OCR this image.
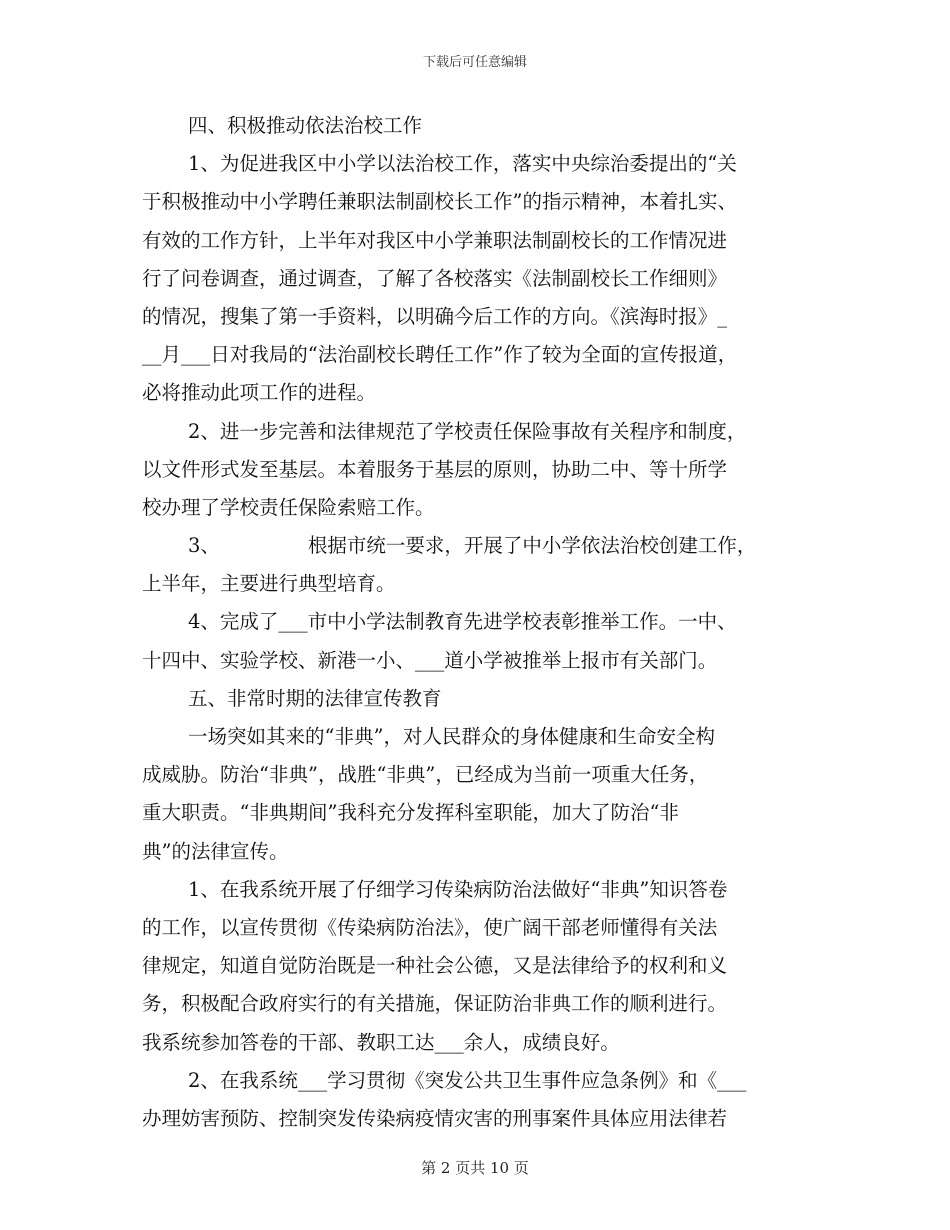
下载后可任意编辑
四、积极推动依法治校工作
1、为促进我区中小学以法治校工作，落实中央综治委提出的“关
于积极推动中小学聘任兼职法制副校长工作”的指示精神，本着扎实、
有效的工作方针，上半年对我区中小学兼职法制副校长的工作情况进
行了问卷调查，通过调查，了解了各校落实《法制副校长工作细则》
的情况，搜集了第一手资料，以明确今后工作的方向。《滨海时报》_
__月___日对我局的“法治副校长聘任工作”作了较为全面的宣传报道，
必将推动此项工作的进程。
2、进一步完善和法律规范了学校责任保险事故有关程序和制度，
以文件形式发至基层。本着服务于基层的原则，协助二中、等十所学
校办理了学校责任保险索赔工作。
3、	根据市统一要求，开展了中小学依法治校创建工作，
上半年，主要进行典型培育。
4、完成了___市中小学法制教育先进学校表彰推举工作。一中、
十四中、实验学校、新港一小、___道小学被推举上报市有关部门。
五、非常时期的法律宣传教育
一场突如其来的“非典”，对人民群众的身体健康和生命安全构
成威胁。防治“非典”，战胜“非典”，已经成为当前一项重大任务，
重大职责。“非典期间”我科充分发挥科室职能，加大了防治“非
典”的法律宣传。
1、在我系统开展了仔细学习传染病防治法做好“非典”知识答卷
的工作，以宣传贯彻《传染病防治法》，使广阔干部老师懂得有关法
律规定，知道自觉防治既是一种社会公德，又是法律给予的权利和义
务，积极配合政府实行的有关措施，保证防治非典工作的顺利进行。
我系统参加答卷的干部、教职工达___余人，成绩良好。
2、在我系统___学习贯彻《突发公共卫生事件应急条例》和《___
办理妨害预防、控制突发传染病疫情灾害的刑事案件具体应用法律若
第 2 页共 10 页
